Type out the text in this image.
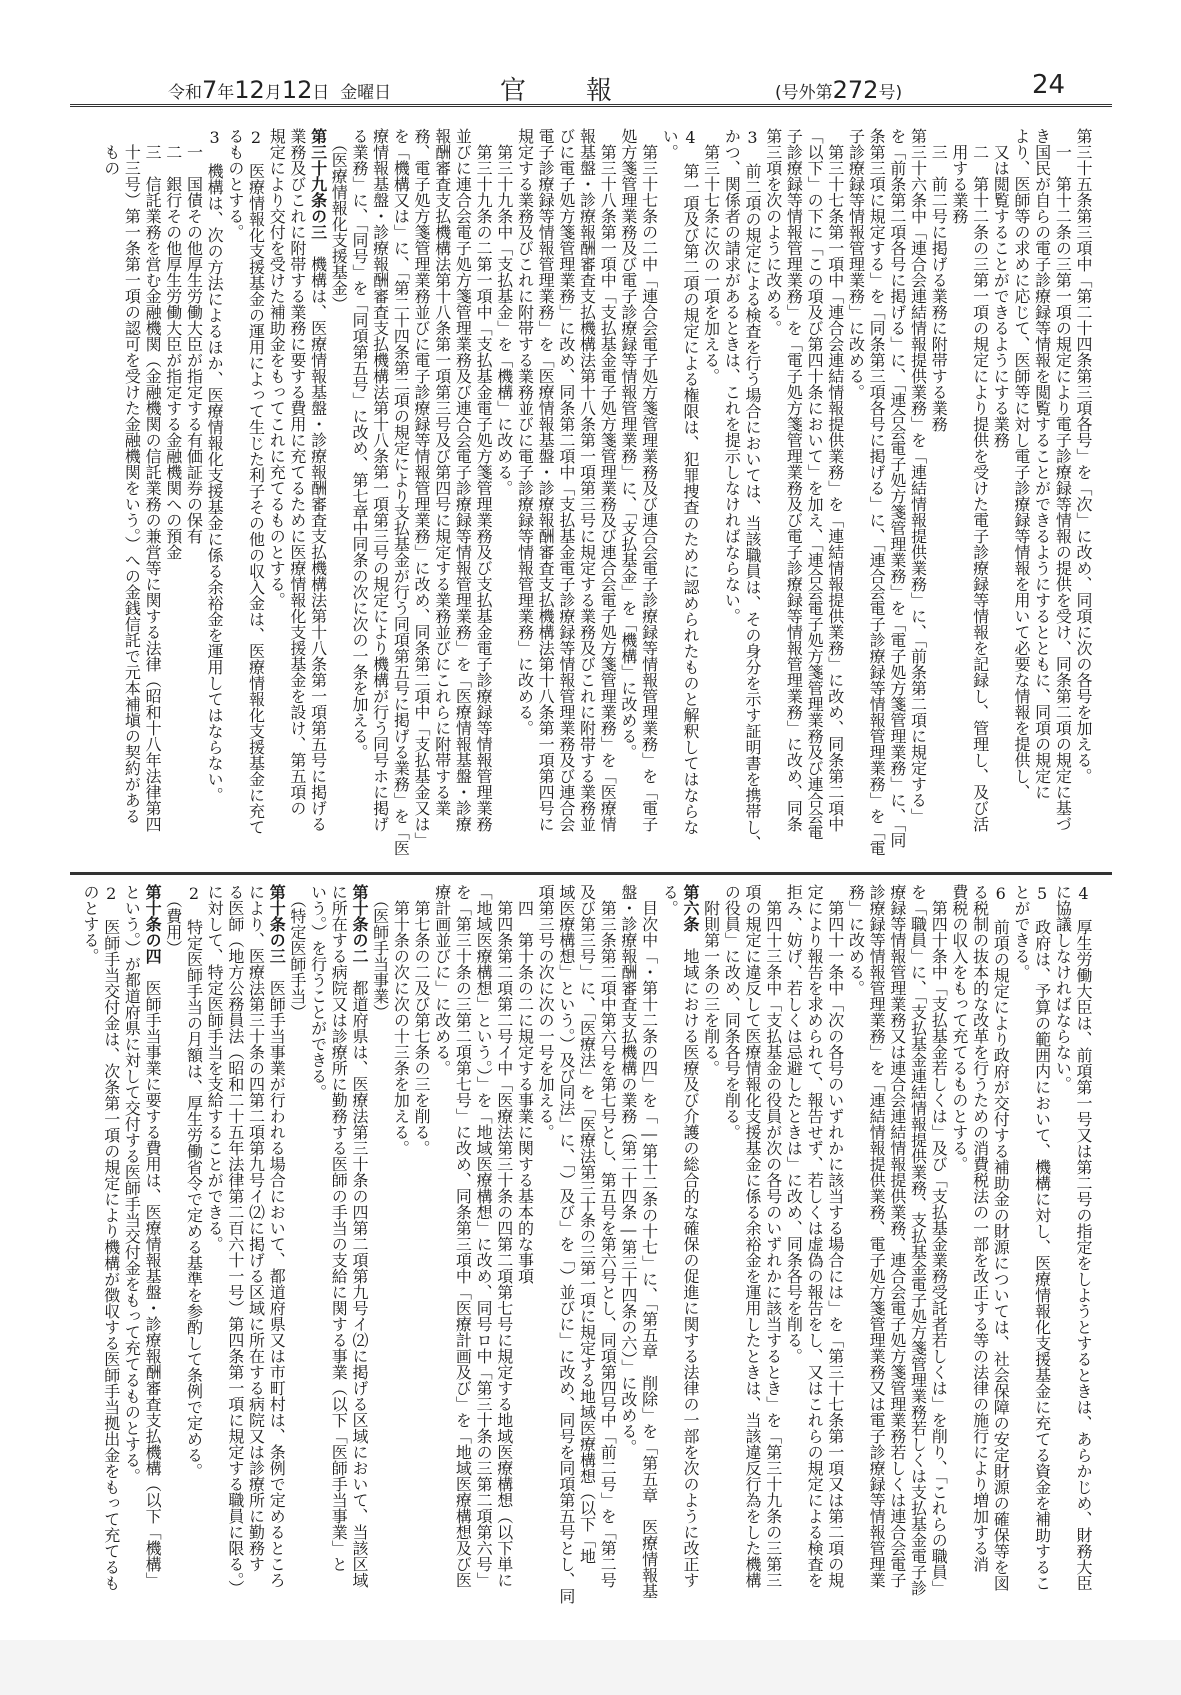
令和7年12月12日 金曜日	官報	(号外第272号)	24
第三十五条第三項中「第二十四条第三項各号」を「次」に改め、同項に次の各号を加える。
　一　第十二条の三第一項の規定により電子診療録等情報の提供を受け、同条第二項の規定に基づ
き国民が自らの電子診療録等情報を閲覧することができるようにするとともに、同項の規定に
より、医師等の求めに応じて、医師等に対し電子診療録等情報を用いて必要な情報を提供し、
　又は閲覧することができるようにする業務
　二　第十二条の三第一項の規定により提供を受けた電子診療録等情報を記録し、管理し、及び活
　用する業務
　三　前二号に掲げる業務に附帯する業務
第三十六条中「連合会連結情報提供業務」を「連結情報提供業務」に、「前条第二項に規定する」
を「前条第二項各号に掲げる」に、「連合会電子処方箋管理業務」を「電子処方箋管理業務」に、「同
条第三項に規定する」を「同条第三項各号に掲げる」に、「連合会電子診療録等情報管理業務」を「電
子診療録等情報管理業務」に改める。
　第三十七条第一項中「連合会連結情報提供業務」を「連結情報提供業務」に改め、同条第二項中
「以下」の下に「この項及び第四十条において」を加え、「連合会電子処方箋管理業務及び連合会電
子診療録等情報管理業務」を「電子処方箋管理業務及び電子診療録等情報管理業務」に改め、同条
第三項を次のように改める。
3　前二項の規定による検査を行う場合においては、当該職員は、その身分を示す証明書を携帯し、
かつ、関係者の請求があるときは、これを提示しなければならない。
　第三十七条に次の一項を加える。
4　第一項及び第二項の規定による権限は、犯罪捜査のために認められたものと解釈してはならな
い。
　第三十七条の二中「連合会電子処方箋管理業務及び連合会電子診療録等情報管理業務」を「電子
処方箋管理業務及び電子診療録等情報管理業務」に、「支払基金」を「機構」に改める。
　第三十八条第一項中「支払基金電子処方箋管理業務及び連合会電子処方箋管理業務」を「医療情
報基盤・診療報酬審査支払機構法第十八条第一項第三号に規定する業務及びこれに附帯する業務並
びに電子処方箋管理業務」に改め、同条第二項中「支払基金電子診療録等情報管理業務及び連合会
電子診療録等情報管理業務」を「医療情報基盤・診療報酬審査支払機構法第十八条第一項第四号に
規定する業務及びこれに附帯する業務並びに電子診療録等情報管理業務」に改める。
　第三十九条中「支払基金」を「機構」に改める。
　第三十九条の二第一項中「支払基金電子処方箋管理業務及び支払基金電子診療録等情報管理業務
並びに連合会電子処方箋管理業務及び連合会電子診療録等情報管理業務」を「医療情報基盤・診療
報酬審査支払機構法第十八条第一項第三号及び第四号に規定する業務並びにこれらに附帯する業
務、電子処方箋管理業務並びに電子診療録等情報管理業務」に改め、同条第二項中「支払基金又は」
を「機構又は」に、「第二十四条第二項の規定により支払基金が行う同項第五号に掲げる業務」を「医
療情報基盤・診療報酬審査支払機構法第十八条第一項第三号の規定により機構が行う同号ホに掲げ
る業務」に、「同号」を「同項第五号」に改め、第七章中同条の次に次の一条を加える。
　（医療情報化支援基金）
第三十九条の三　機構は、医療情報基盤・診療報酬審査支払機構法第十八条第一項第五号に掲げる
業務及びこれに附帯する業務に要する費用に充てるために医療情報化支援基金を設け、第五項の
規定により交付を受けた補助金をもってこれに充てるものとする。
2　医療情報化支援基金の運用によって生じた利子その他の収入金は、医療情報化支援基金に充て
るものとする。
3　機構は、次の方法によるほか、医療情報化支援基金に係る余裕金を運用してはならない。
　一　国債その他厚生労働大臣が指定する有価証券の保有
　二　銀行その他厚生労働大臣が指定する金融機関への預金
　三　信託業務を営む金融機関（金融機関の信託業務の兼営等に関する法律（昭和十八年法律第四
　十三号）第一条第一項の認可を受けた金融機関をいう。）への金銭信託で元本補塡の契約がある
　もの
4　厚生労働大臣は、前項第一号又は第二号の指定をしようとするときは、あらかじめ、財務大臣
に協議しなければならない。
5　政府は、予算の範囲内において、機構に対し、医療情報化支援基金に充てる資金を補助するこ
とができる。
6　前項の規定により政府が交付する補助金の財源については、社会保障の安定財源の確保等を図
る税制の抜本的な改革を行うための消費税法の一部を改正する等の法律の施行により増加する消
費税の収入をもって充てるものとする。
　第四十条中「支払基金若しくは」及び「支払基金業務受託者若しくは」を削り、「これらの職員」
を「職員」に、「支払基金連結情報提供業務、支払基金電子処方箋管理業務若しくは支払基金電子診
療録等情報管理業務又は連合会連結情報提供業務、連合会電子処方箋管理業務若しくは連合会電子
診療録等情報管理業務」を「連結情報提供業務、電子処方箋管理業務又は電子診療録等情報管理業
務」に改める。
　第四十一条中「次の各号のいずれかに該当する場合には」を「第三十七条第一項又は第二項の規
定により報告を求められて、報告せず、若しくは虚偽の報告をし、又はこれらの規定による検査を
拒み、妨げ、若しくは忌避したときは」に改め、同条各号を削る。
　第四十三条中「支払基金の役員が次の各号のいずれかに該当するとき」を「第三十九条の三第三
項の規定に違反して医療情報化支援基金に係る余裕金を運用したときは、当該違反行為をした機構
の役員」に改め、同条各号を削る。
　附則第一条の三を削る。
第六条　地域における医療及び介護の総合的な確保の促進に関する法律の一部を次のように改正す
る。
　目次中「・第十二条の四」を「―第十二条の十七」に、「第五章　削除」を「第五章　医療情報基
盤・診療報酬審査支払機構の業務（第二十四条―第三十四条の六）」に改める。
　第三条第二項中第六号を第七号とし、第五号を第六号とし、同項第四号中「前二号」を「第二号
及び第三号」に、「医療法」を「医療法第三十条の三第一項に規定する地域医療構想（以下「地
域医療構想」という。）及び同法」に、「）及び」を「）並びに」に改め、同号を同項第五号とし、同
項第三号の次に次の一号を加える。
　四　第十条の二に規定する事業に関する基本的な事項
　第四条第二項第二号イ中「医療法第三十条の四第二項第七号に規定する地域医療構想（以下単に
「地域医療構想」という。）」を「地域医療構想」に改め、同号ロ中「第三十条の三第二項第六号」
を「第三十条の三第二項第七号」に改め、同条第三項中「医療計画及び」を「地域医療構想及び医
療計画並びに」に改める。
　第七条の二及び第七条の三を削る。
　第十条の次に次の十三条を加える。
　（医師手当事業）
第十条の二　都道府県は、医療法第三十条の四第二項第九号イ⑵に掲げる区域において、当該区域
に所在する病院又は診療所に勤務する医師の手当の支給に関する事業（以下「医師手当事業」と
いう。）を行うことができる。
　（特定医師手当）
第十条の三　医師手当事業が行われる場合において、都道府県又は市町村は、条例で定めるところ
により、医療法第三十条の四第二項第九号イ⑵に掲げる区域に所在する病院又は診療所に勤務す
る医師（地方公務員法（昭和二十五年法律第二百六十一号）第四条第一項に規定する職員に限る。）
に対して、特定医師手当を支給することができる。
2　特定医師手当の月額は、厚生労働省令で定める基準を参酌して条例で定める。
　（費用）
第十条の四　医師手当事業に要する費用は、医療情報基盤・診療報酬審査支払機構（以下「機構」
という。）が都道府県に対して交付する医師手当交付金をもって充てるものとする。
2　医師手当交付金は、次条第一項の規定により機構が徴収する医師手当拠出金をもって充てるも
のとする。
